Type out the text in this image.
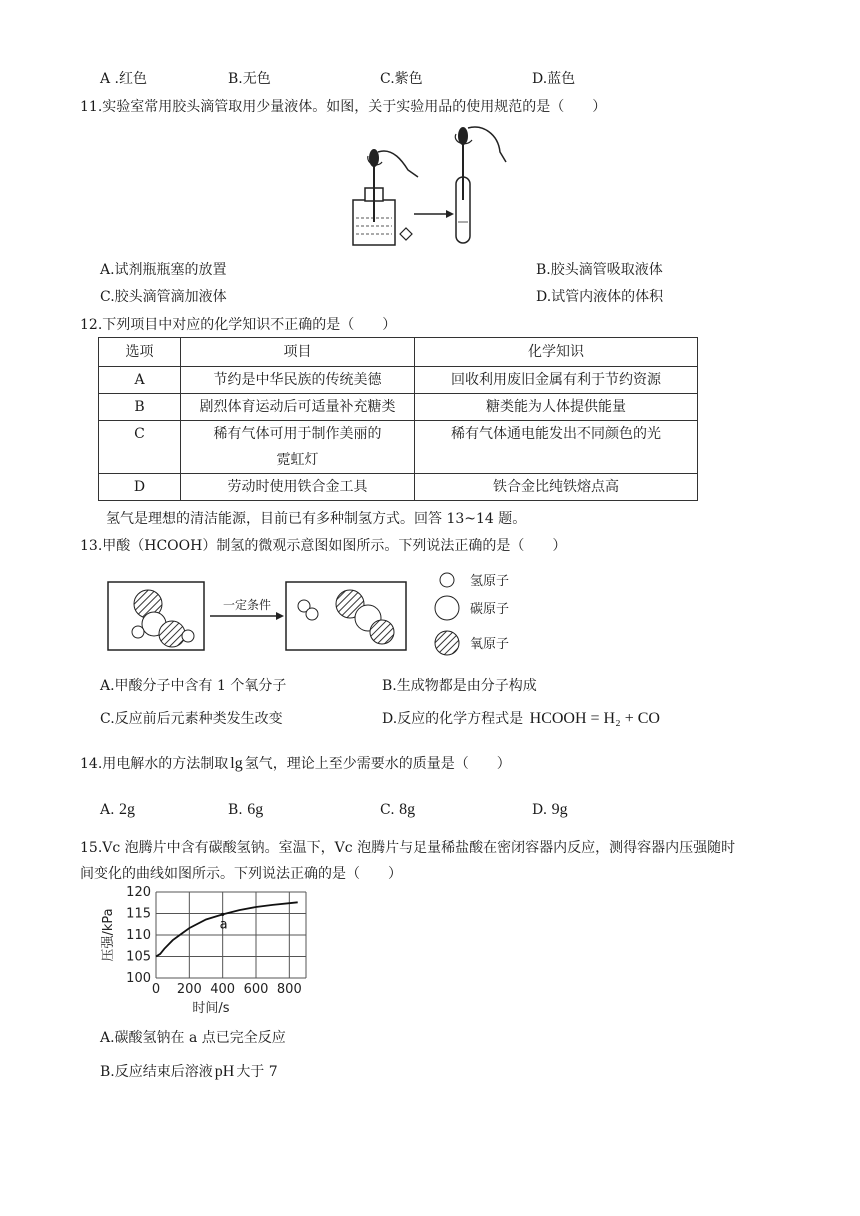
A .红色	B.无色	C.紫色	D.蓝色
11.实验室常用胶头滴管取用少量液体。如图，关于实验用品的使用规范的是（　　）
A.试剂瓶瓶塞的放置	B.胶头滴管吸取液体
C.胶头滴管滴加液体	D.试管内液体的体积
12.下列项目中对应的化学知识不正确的是（　　）
选项	项目	化学知识
A	节约是中华民族的传统美德	回收利用废旧金属有利于节约资源
B	剧烈体育运动后可适量补充糖类	糖类能为人体提供能量
C	稀有气体可用于制作美丽的霓虹灯	稀有气体通电能发出不同颜色的光
D	劳动时使用铁合金工具	铁合金比纯铁熔点高
氢气是理想的清洁能源，目前已有多种制氢方式。回答 13~14 题。
13.甲酸（HCOOH）制氢的微观示意图如图所示。下列说法正确的是（　　）
一定条件
氢原子
碳原子
氧原子
A.甲酸分子中含有 1 个氧分子	B.生成物都是由分子构成
C.反应前后元素种类发生改变	D.反应的化学方程式是 HCOOH = H₂ + CO
14.用电解水的方法制取 lg 氢气，理论上至少需要水的质量是（　　）
A. 2g	B. 6g	C. 8g	D. 9g
15.Vc 泡腾片中含有碳酸氢钠。室温下，Vc 泡腾片与足量稀盐酸在密闭容器内反应，测得容器内压强随时
间变化的曲线如图所示。下列说法正确的是（　　）
100
105
110
115
120
0 200 400 600 800
时间/s
压强/kPa	a
A.碳酸氢钠在 a 点已完全反应
B.反应结束后溶液 pH 大于 7
